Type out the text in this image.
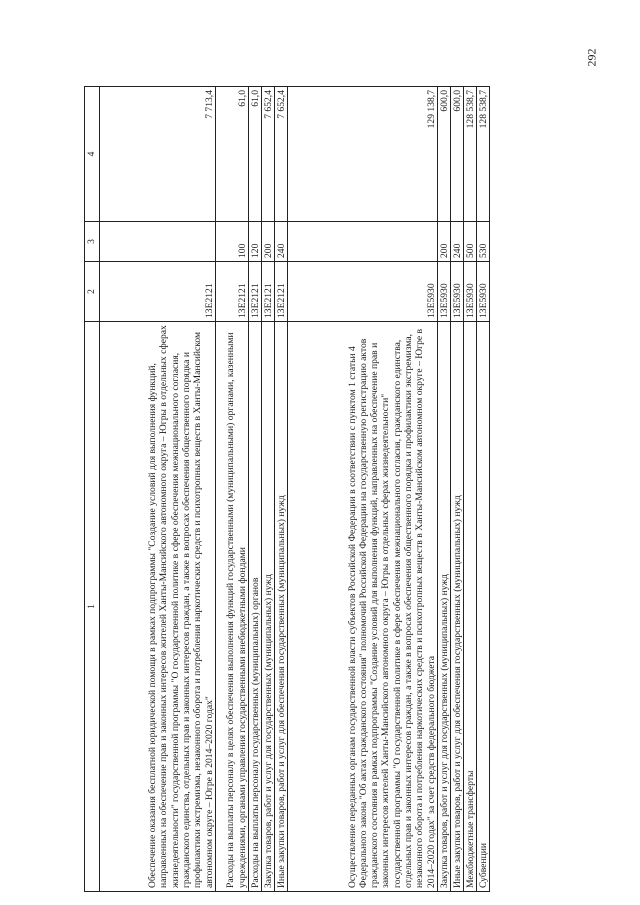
292
1	2	3	4
Обеспечение оказания бесплатной юридической помощи в рамках подпрограммы "Создание условий для выполнения функций, направленных на обеспечение прав и законных интересов жителей Ханты-Мансийского автономного округа – Югры в отдельных сферах жизнедеятельности" государственной программы "О государственной политике в сфере обеспечения межнационального согласия, гражданского единства, отдельных прав и законных интересов граждан, а также в вопросах обеспечения общественного порядка и профилактики экстремизма, незаконного оборота и потребления наркотических средств и психотропных веществ в Ханты-Мансийском автономном округе – Югре в 2014–2020 годах"	13Е2121		7 713,4
Расходы на выплаты персоналу в целях обеспечения выполнения функций государственными (муниципальными) органами, казенными учреждениями, органами управления государственными внебюджетными фондами	13Е2121	100	61,0
Расходы на выплаты персоналу государственных (муниципальных) органов	13Е2121	120	61,0
Закупка товаров, работ и услуг для государственных (муниципальных) нужд	13Е2121	200	7 652,4
Иные закупки товаров, работ и услуг для обеспечения государственных (муниципальных) нужд	13Е2121	240	7 652,4
Осуществление переданных органам государственной власти субъектов Российской Федерации в соответствии с пунктом 1 статьи 4 Федерального закона "Об актах гражданского состояния" полномочий Российской Федерации на государственную регистрацию актов гражданского состояния в рамках подпрограммы "Создание условий для выполнения функций, направленных на обеспечение прав и законных интересов жителей Ханты-Мансийского автономного округа – Югры в отдельных сферах жизнедеятельности" государственной программы "О государственной политике в сфере обеспечения межнационального согласия, гражданского единства, отдельных прав и законных интересов граждан, а также в вопросах обеспечения общественного порядка и профилактики экстремизма, незаконного оборота и потребления наркотических средств и психотропных веществ в Ханты-Мансийском автономном округе – Югре в 2014–2020 годах" за счет средств федерального бюджета	13Е5930		129 138,7
Закупка товаров, работ и услуг для государственных (муниципальных) нужд	13Е5930	200	600,0
Иные закупки товаров, работ и услуг для обеспечения государственных (муниципальных) нужд	13Е5930	240	600,0
Межбюджетные трансферты	13Е5930	500	128 538,7
Субвенции	13Е5930	530	128 538,7
